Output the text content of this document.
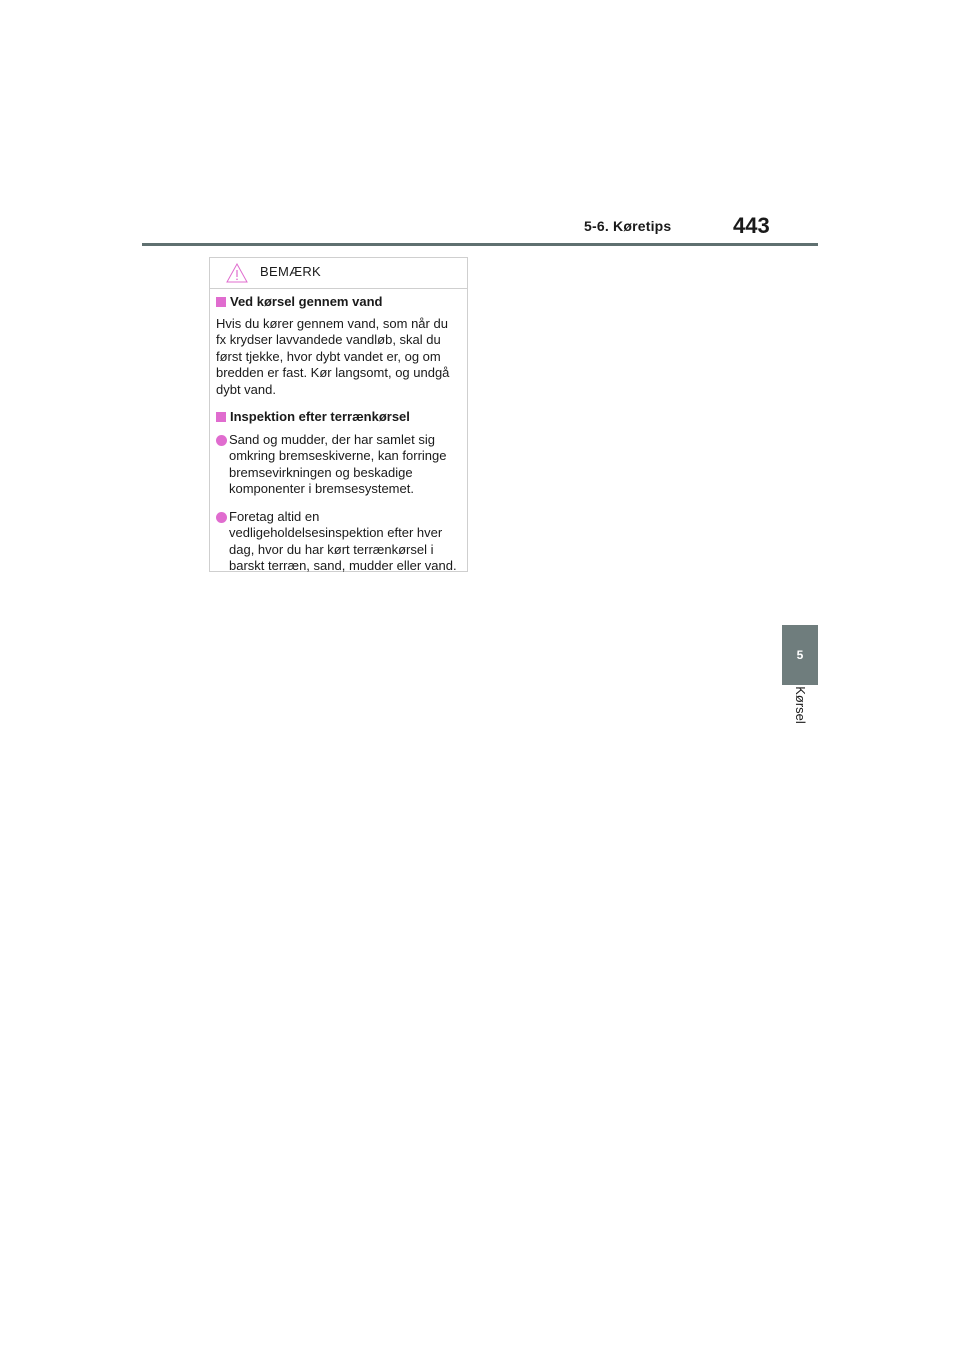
5-6. Køretips	443
5
Kørsel
BEMÆRK
Ved kørsel gennem vand
Hvis du kører gennem vand, som når du fx krydser lavvandede vandløb, skal du først tjekke, hvor dybt vandet er, og om bredden er fast. Kør langsomt, og undgå dybt vand.
Inspektion efter terrænkørsel
Sand og mudder, der har samlet sig omkring bremseskiverne, kan forringe bremsevirkningen og beskadige komponenter i bremsesystemet.
Foretag altid en vedligeholdelsesinspektion efter hver dag, hvor du har kørt terrænkørsel i barskt terræn, sand, mudder eller vand.
